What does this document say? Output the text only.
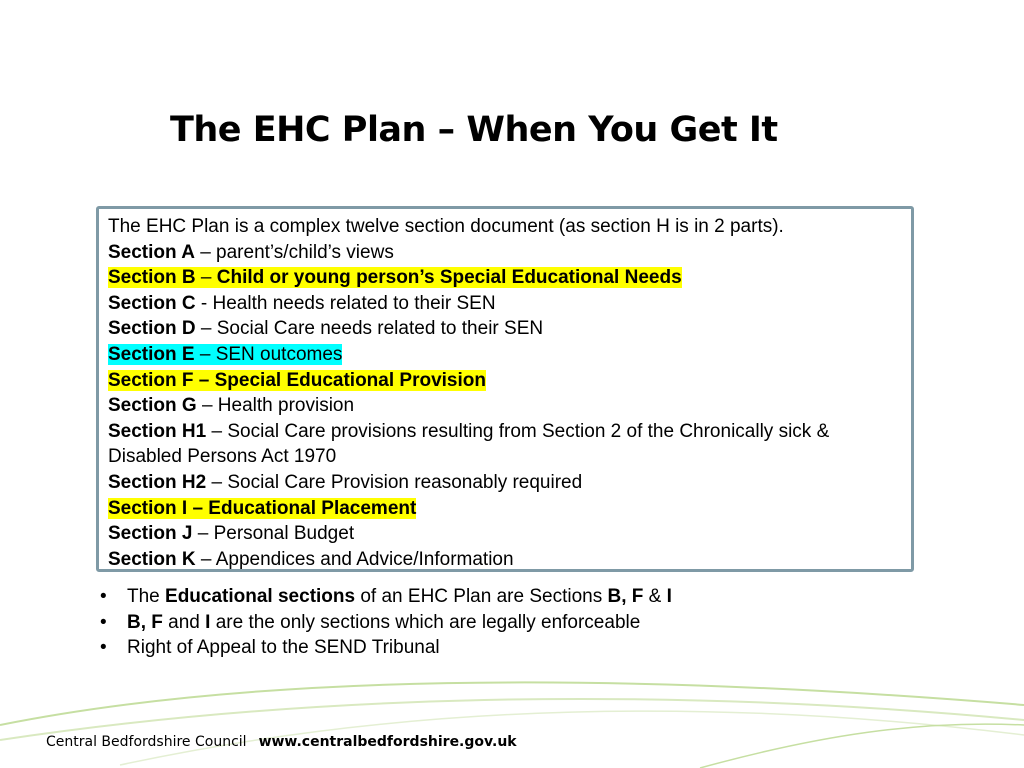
The EHC Plan – When You Get It
The EHC Plan is a complex twelve section document (as section H is in 2 parts).
Section A – parent’s/child’s views
Section B – Child or young person’s Special Educational Needs
Section C - Health needs related to their SEN
Section D – Social Care needs related to their SEN
Section E – SEN outcomes
Section F – Special Educational Provision
Section G – Health provision
Section H1 – Social Care provisions resulting from Section 2 of the Chronically sick &
Disabled Persons Act 1970
Section H2 – Social Care Provision reasonably required
Section I – Educational Placement
Section J – Personal Budget
Section K – Appendices and Advice/Information
• The Educational sections of an EHC Plan are Sections B, F & I
• B, F and I are the only sections which are legally enforceable
• Right of Appeal to the SEND Tribunal
Central Bedfordshire Council www.centralbedfordshire.gov.uk
